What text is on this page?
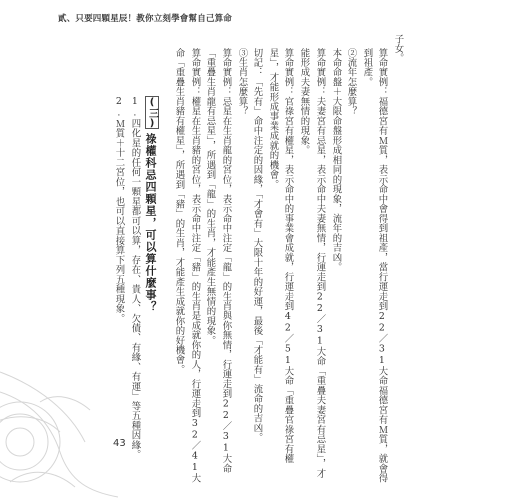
貳、只要四顆星辰！教你立刻學會幫自己算命
子女。
算命實例：福德宮有Ｍ質，表示命中會得到祖產，當行運走到22／31大命福德宮有Ｍ質，就會得
到祖產。
②流年怎麼算？
本命命盤＋大限命盤形成相同的現象，流年的吉凶。
算命實例：夫妻宮有忌星，表示命中夫妻無情，行運走到22／31大命「重疊夫妻宮有忌星」，才
能形成夫妻無情的現象。
算命實例：官祿宮有權星，表示命中的事業會成就，行運走到42／51大命「重疊官祿宮有權
星」，才能形成事業成就的機會。
切記：「先有」命中注定的因緣，「才會有」大限十年的好運，最後「才能有」流命的吉凶。
③生肖怎麼算？
算命實例：忌星在生肖龍的宮位，表示命中注定「龍」的生肖與你無情，行運走到22／31大命
「重疊生肖龍有忌星」，所遇到「龍」的生肖，才能產生無情的現象。
算命實例：權星在生肖豬的宮位，表示命中注定「豬」的生肖是成就你的人，行運走到32／41大
命「重疊生肖豬有權星」，所遇到「豬」的生肖，才能產生成就你的好機會。
(三)
祿權科忌四顆星，可以算什麼事？
1.四化星的任何一顆星都可以算，存在、貴人、欠債、有緣、有運」等五種因緣。
2.Ｍ質＋十二宮位，也可以直接算下列五種現象。
43
